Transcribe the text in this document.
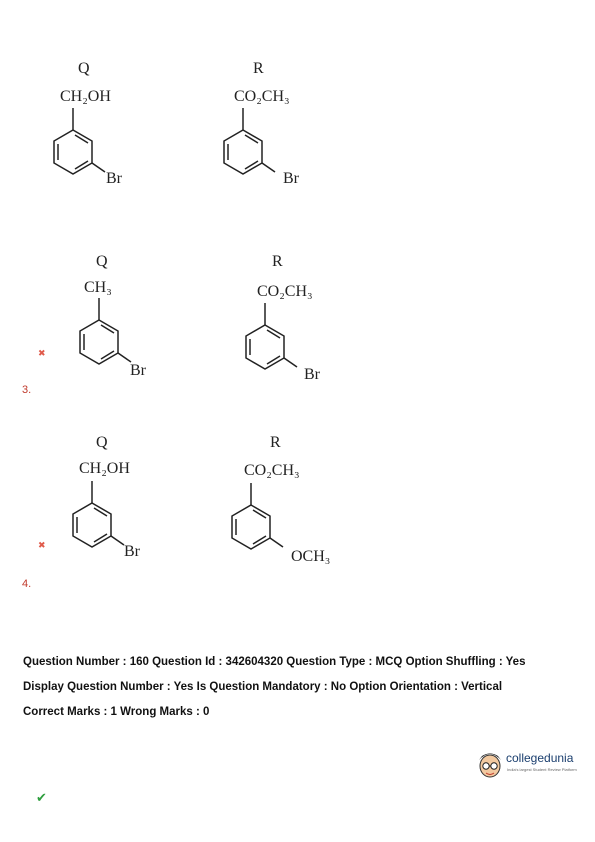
Q
CH₂OH
Br
R
CO₂CH₃
Br
✖
3.
Q
CH₃
Br
R
CO₂CH₃
Br
✖
4.
Q
CH₂OH
Br
R
CO₂CH₃
OCH₃
Question Number : 160 Question Id : 342604320 Question Type : MCQ Option Shuffling : Yes
Display Question Number : Yes Is Question Mandatory : No Option Orientation : Vertical
Correct Marks : 1 Wrong Marks : 0
collegedunia
India's largest Student Review Platform
✔
